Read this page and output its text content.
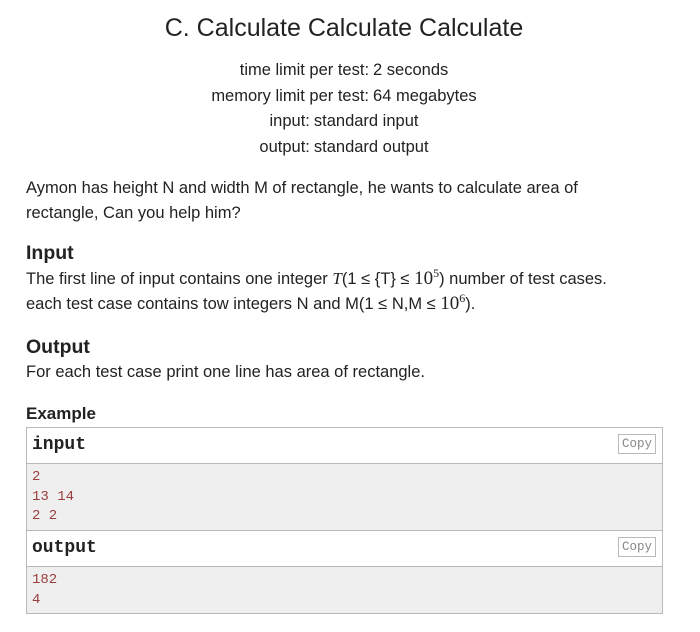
C. Calculate Calculate Calculate
time limit per test: 2 seconds
memory limit per test: 64 megabytes
input: standard input
output: standard output
Aymon has height N and width M of rectangle, he wants to calculate area of rectangle, Can you help him?
Input
The first line of input contains one integer $T(1 \le \{T\} \le 10^5)$ number of test cases.
each test case contains tow integers N and $M(1 \le N,M \le 10^6)$.
Output
For each test case print one line has area of rectangle.
Example
input	Copy
2
13 14
2 2
output	Copy
182
4
